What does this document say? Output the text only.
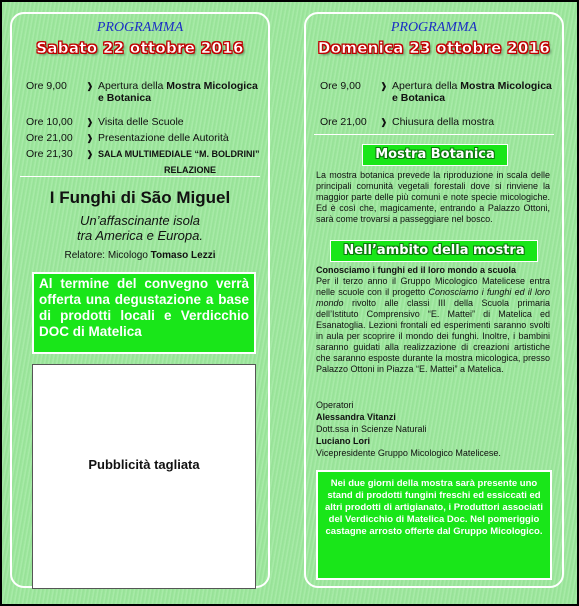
PROGRAMMA
Sabato 22 ottobre 2016
Ore 9,00	❱ Apertura della Mostra Micologica e Botanica
Ore 10,00	❱ Visita delle Scuole
Ore 21,00	❱ Presentazione delle Autorità
Ore 21,30	❱ SALA MULTIMEDIALE “M. BOLDRINI”
RELAZIONE
I Funghi di São Miguel
Un’affascinante isola
tra America e Europa.
Relatore: Micologo Tomaso Lezzi
Al termine del convegno verrà offerta una degustazione a base di prodotti locali e Verdicchio DOC di Matelica
Pubblicità tagliata
PROGRAMMA
Domenica 23 ottobre 2016
Ore 9,00	❱ Apertura della Mostra Micologica e Botanica
Ore 21,00	❱ Chiusura della mostra
Mostra Botanica
La mostra botanica prevede la riproduzione in scala delle principali comunità vegetali forestali dove si rinviene la maggior parte delle più comuni e note specie micologiche. Ed è così che, magicamente, entrando a Palazzo Ottoni, sarà come trovarsi a passeggiare nel bosco.
Nell’ambito della mostra
Conosciamo i funghi ed il loro mondo a scuola
Per il terzo anno il Gruppo Micologico Matelicese entra nelle scuole con il progetto Conosciamo i funghi ed il loro mondo rivolto alle classi III della Scuola primaria dell’Istituto Comprensivo “E. Mattei” di Matelica ed Esanatoglia. Lezioni frontali ed esperimenti saranno svolti in aula per scoprire il mondo dei funghi. Inoltre, i bambini saranno guidati alla realizzazione di creazioni artistiche che saranno esposte durante la mostra micologica, presso Palazzo Ottoni in Piazza “E. Mattei” a Matelica.
Operatori
Alessandra Vitanzi
Dott.ssa in Scienze Naturali
Luciano Lori
Vicepresidente Gruppo Micologico Matelicese.
Nei due giorni della mostra sarà presente uno stand di prodotti fungini freschi ed essiccati ed altri prodotti di artigianato, i Produttori associati del Verdicchio di Matelica Doc. Nel pomeriggio castagne arrosto offerte dal Gruppo Micologico.
